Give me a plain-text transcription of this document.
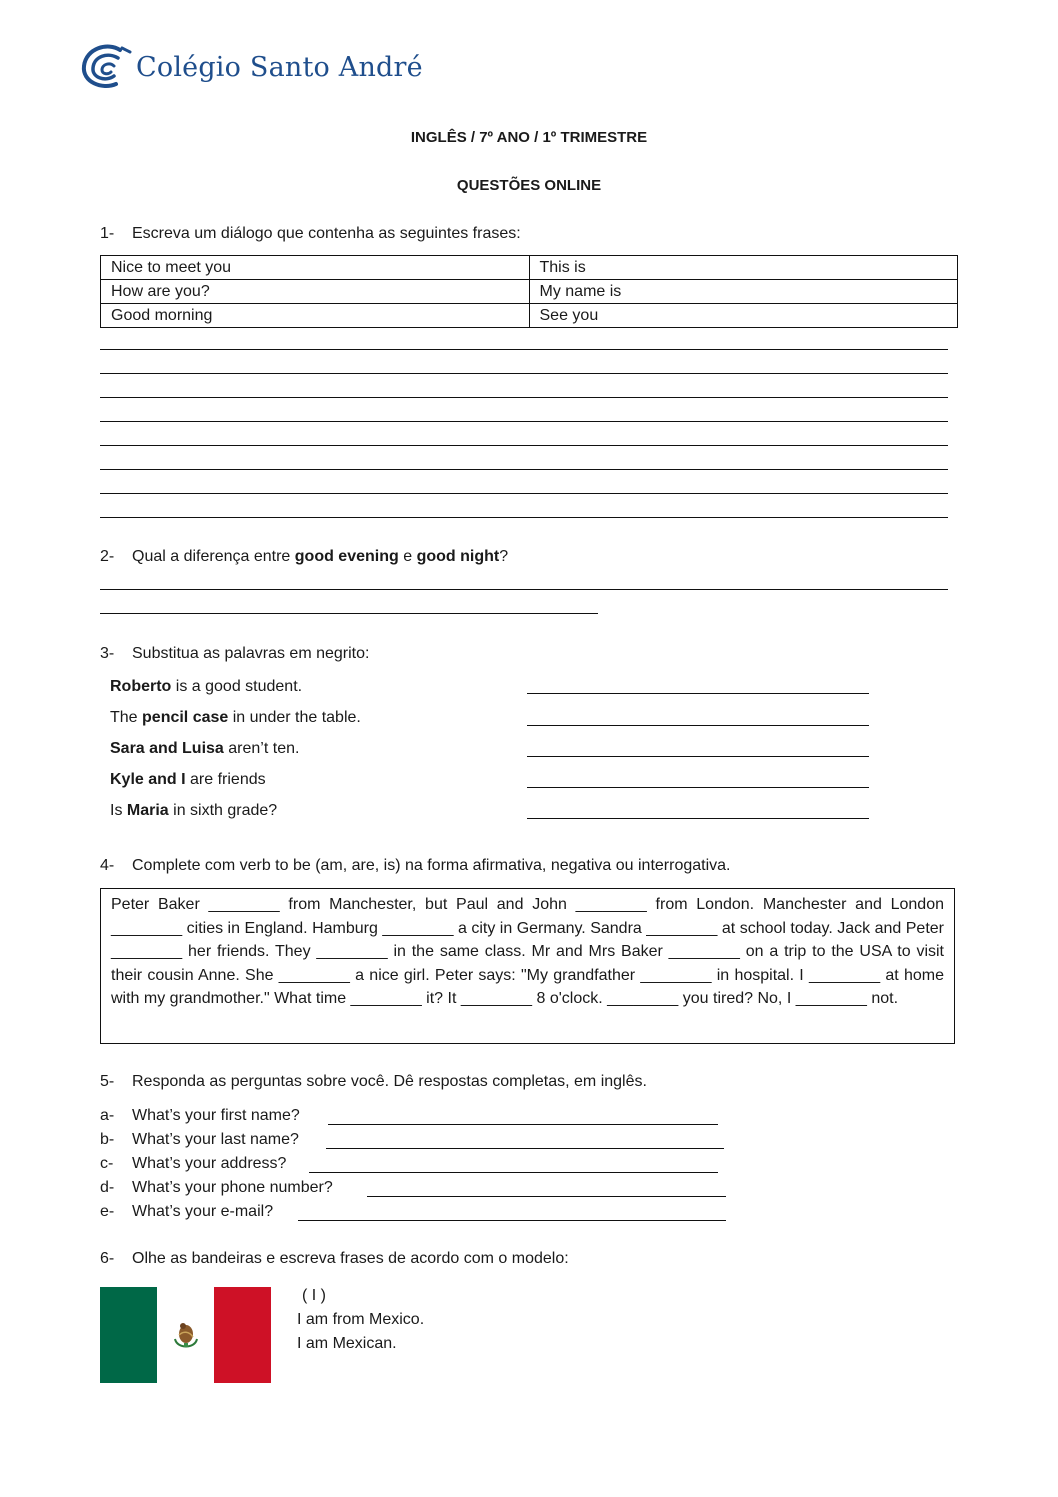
Colégio Santo André
INGLÊS / 7º ANO / 1º TRIMESTRE
QUESTÕES ONLINE
1- Escreva um diálogo que contenha as seguintes frases:
Nice to meet you	This is
How are you?	My name is
Good morning	See you
2- Qual a diferença entre good evening e good night?
3- Substitua as palavras em negrito:
Roberto is a good student.
The pencil case in under the table.
Sara and Luisa aren’t ten.
Kyle and I are friends
Is Maria in sixth grade?
4- Complete com verb to be (am, are, is) na forma afirmativa, negativa ou interrogativa.
Peter Baker ________ from Manchester, but Paul and John ________ from London. Manchester and London ________ cities in England. Hamburg ________ a city in Germany. Sandra ________ at school today. Jack and Peter ________ her friends. They ________ in the same class. Mr and Mrs Baker ________ on a trip to the USA to visit their cousin Anne. She ________ a nice girl. Peter says: "My grandfather ________ in hospital. I ________ at home with my grandmother." What time ________ it? It ________ 8 o'clock. ________ you tired? No, I ________ not.
5- Responda as perguntas sobre você. Dê respostas completas, em inglês.
a- What’s your first name?
b- What’s your last name?
c- What’s your address?
d- What’s your phone number?
e- What’s your e-mail?
6- Olhe as bandeiras e escreva frases de acordo com o modelo:
( I )
I am from Mexico.
I am Mexican.
